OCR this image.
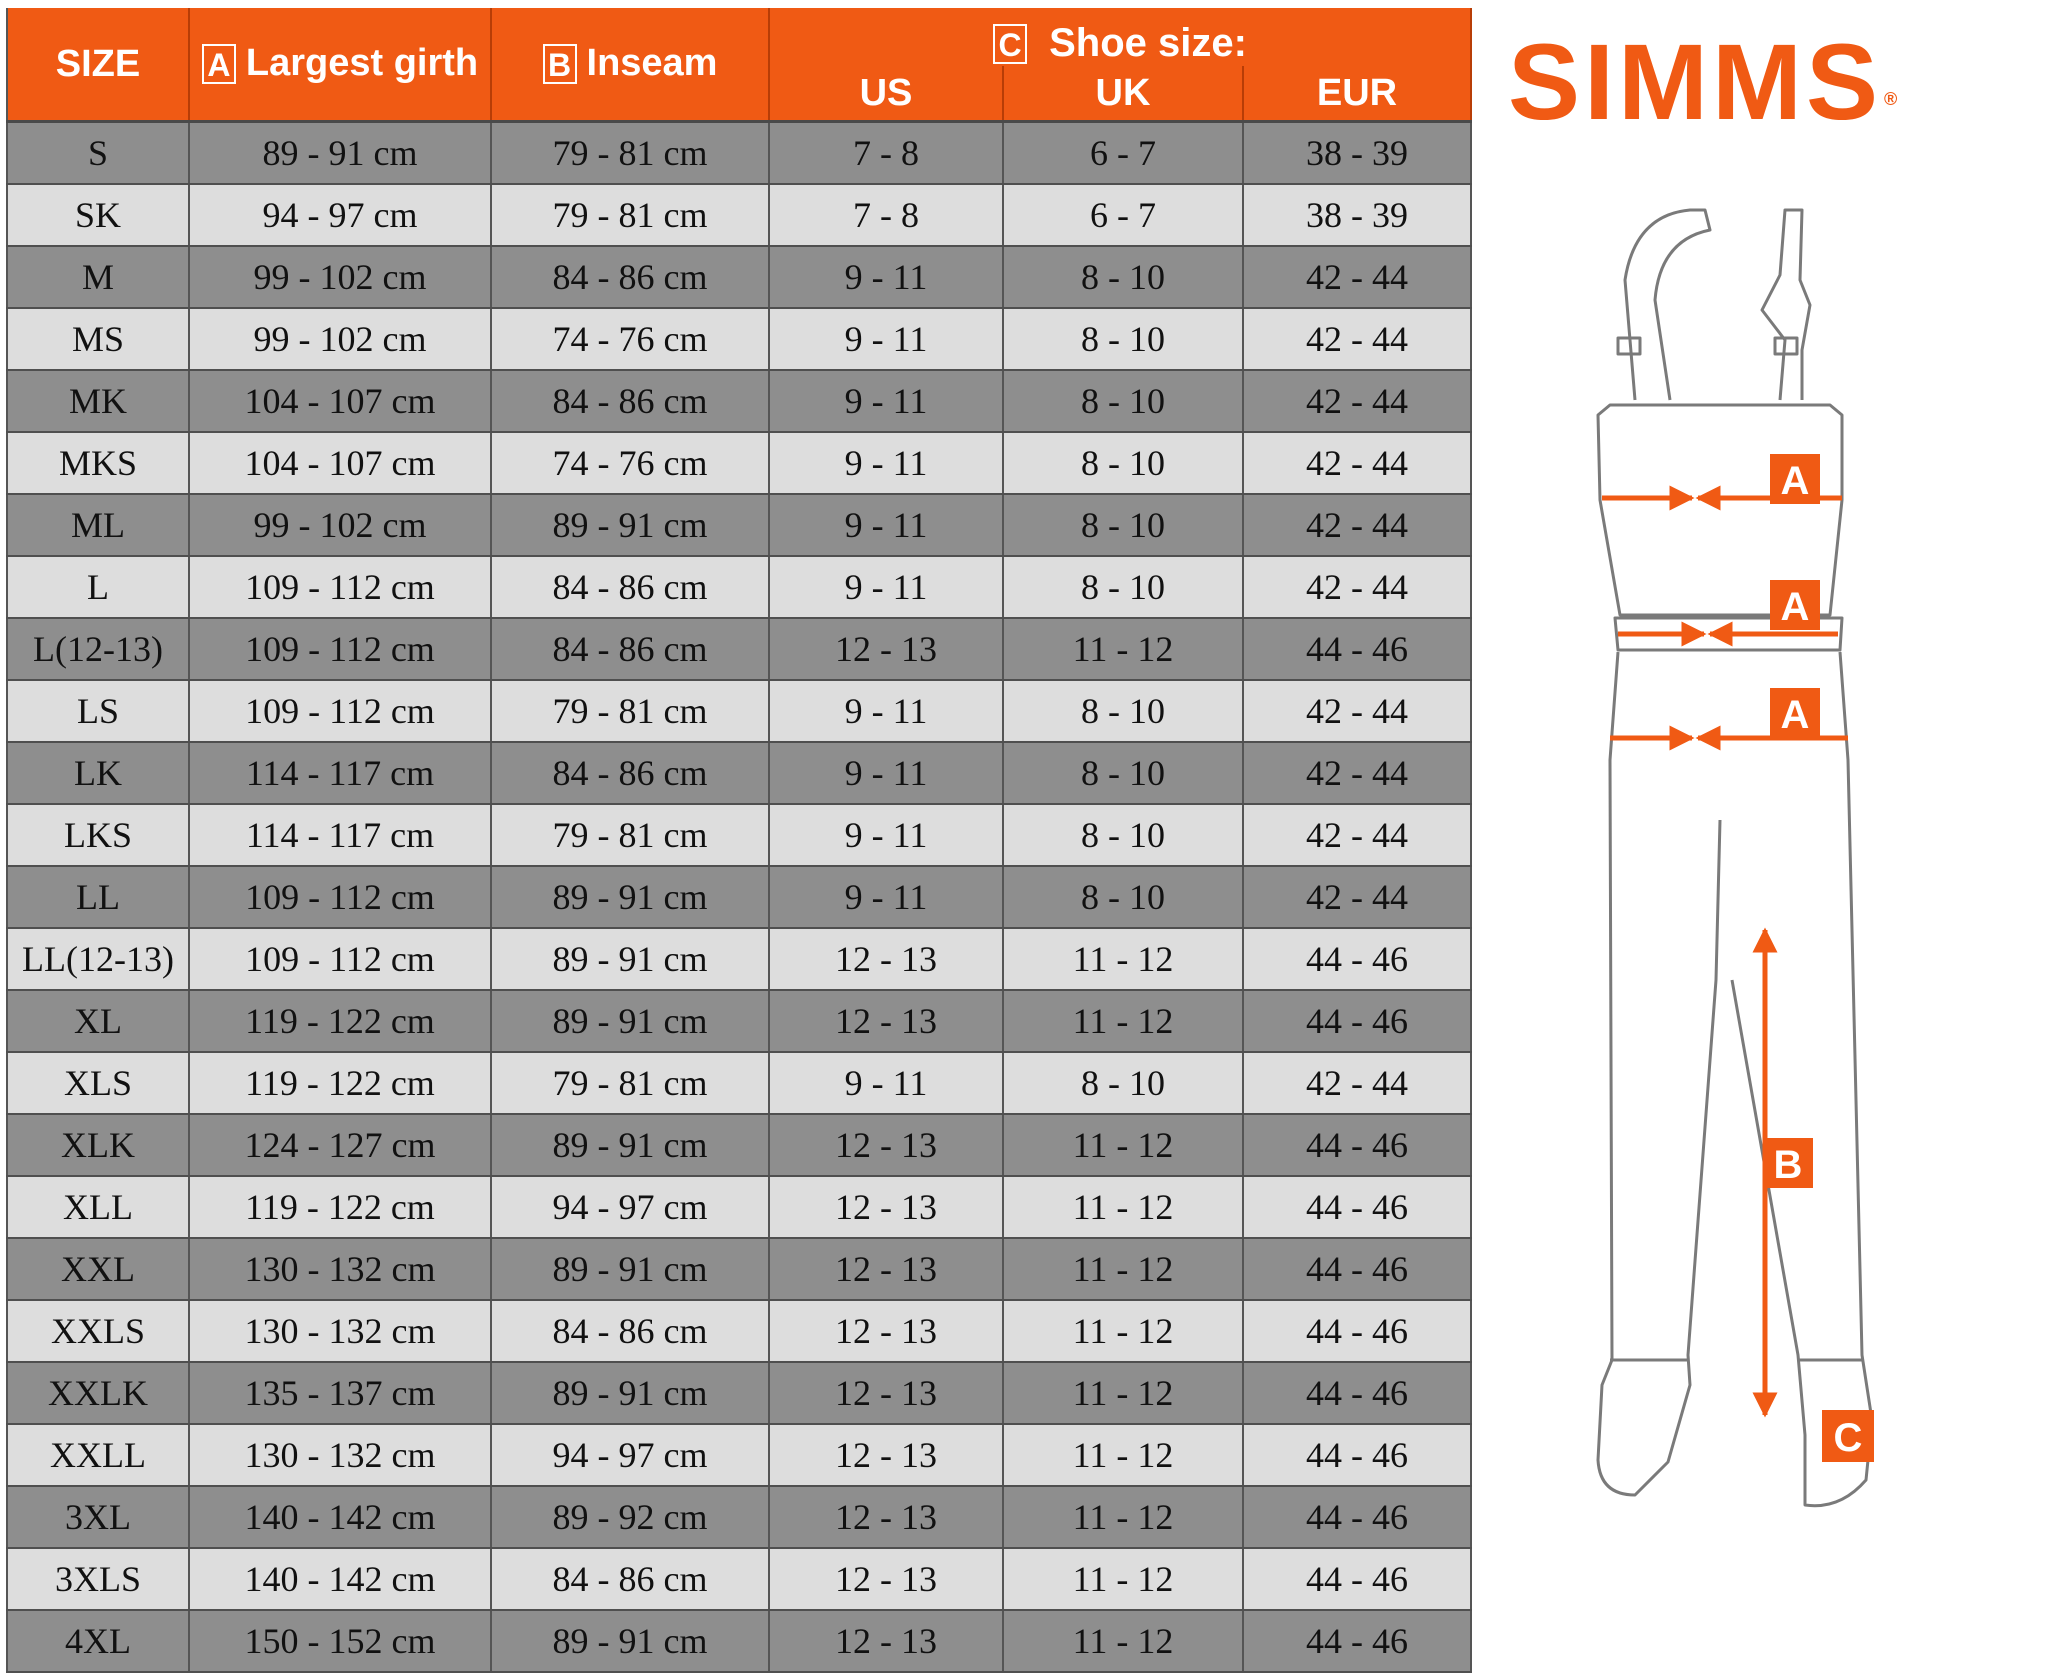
SIZE	A Largest girth	B Inseam	C Shoe size:		

			US	UK	EUR
S	89 - 91 cm	79 - 81 cm	7 - 8	6 - 7	38 - 39
SK	94 - 97 cm	79 - 81 cm	7 - 8	6 - 7	38 - 39
M	99 - 102 cm	84 - 86 cm	9 - 11	8 - 10	42 - 44
MS	99 - 102 cm	74 - 76 cm	9 - 11	8 - 10	42 - 44
MK	104 - 107 cm	84 - 86 cm	9 - 11	8 - 10	42 - 44
MKS	104 - 107 cm	74 - 76 cm	9 - 11	8 - 10	42 - 44
ML	99 - 102 cm	89 - 91 cm	9 - 11	8 - 10	42 - 44
L	109 - 112 cm	84 - 86 cm	9 - 11	8 - 10	42 - 44
L(12-13)	109 - 112 cm	84 - 86 cm	12 - 13	11 - 12	44 - 46
LS	109 - 112 cm	79 - 81 cm	9 - 11	8 - 10	42 - 44
LK	114 - 117 cm	84 - 86 cm	9 - 11	8 - 10	42 - 44
LKS	114 - 117 cm	79 - 81 cm	9 - 11	8 - 10	42 - 44
LL	109 - 112 cm	89 - 91 cm	9 - 11	8 - 10	42 - 44
LL(12-13)	109 - 112 cm	89 - 91 cm	12 - 13	11 - 12	44 - 46
XL	119 - 122 cm	89 - 91 cm	12 - 13	11 - 12	44 - 46
XLS	119 - 122 cm	79 - 81 cm	9 - 11	8 - 10	42 - 44
XLK	124 - 127 cm	89 - 91 cm	12 - 13	11 - 12	44 - 46
XLL	119 - 122 cm	94 - 97 cm	12 - 13	11 - 12	44 - 46
XXL	130 - 132 cm	89 - 91 cm	12 - 13	11 - 12	44 - 46
XXLS	130 - 132 cm	84 - 86 cm	12 - 13	11 - 12	44 - 46
XXLK	135 - 137 cm	89 - 91 cm	12 - 13	11 - 12	44 - 46
XXLL	130 - 132 cm	94 - 97 cm	12 - 13	11 - 12	44 - 46
3XL	140 - 142 cm	89 - 92 cm	12 - 13	11 - 12	44 - 46
3XLS	140 - 142 cm	84 - 86 cm	12 - 13	11 - 12	44 - 46
4XL	150 - 152 cm	89 - 91 cm	12 - 13	11 - 12	44 - 46
SIMMS ®
A
A
A
B
C
